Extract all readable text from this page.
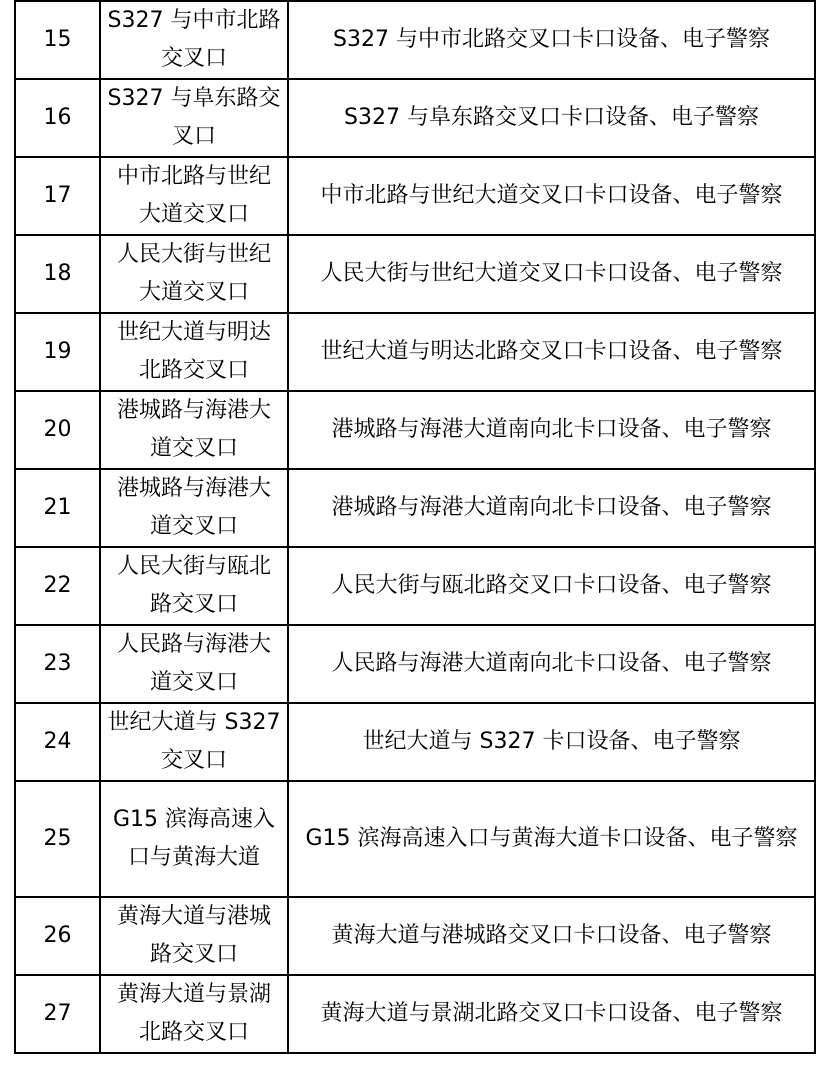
15	S327 与中市北路交叉口	S327 与中市北路交叉口卡口设备、电子警察
16	S327 与阜东路交叉口	S327 与阜东路交叉口卡口设备、电子警察
17	中市北路与世纪大道交叉口	中市北路与世纪大道交叉口卡口设备、电子警察
18	人民大街与世纪大道交叉口	人民大街与世纪大道交叉口卡口设备、电子警察
19	世纪大道与明达北路交叉口	世纪大道与明达北路交叉口卡口设备、电子警察
20	港城路与海港大道交叉口	港城路与海港大道南向北卡口设备、电子警察
21	港城路与海港大道交叉口	港城路与海港大道南向北卡口设备、电子警察
22	人民大街与瓯北路交叉口	人民大街与瓯北路交叉口卡口设备、电子警察
23	人民路与海港大道交叉口	人民路与海港大道南向北卡口设备、电子警察
24	世纪大道与 S327 交叉口	世纪大道与 S327 卡口设备、电子警察
25	G15 滨海高速入口与黄海大道	G15 滨海高速入口与黄海大道卡口设备、电子警察
26	黄海大道与港城路交叉口	黄海大道与港城路交叉口卡口设备、电子警察
27	黄海大道与景湖北路交叉口	黄海大道与景湖北路交叉口卡口设备、电子警察
